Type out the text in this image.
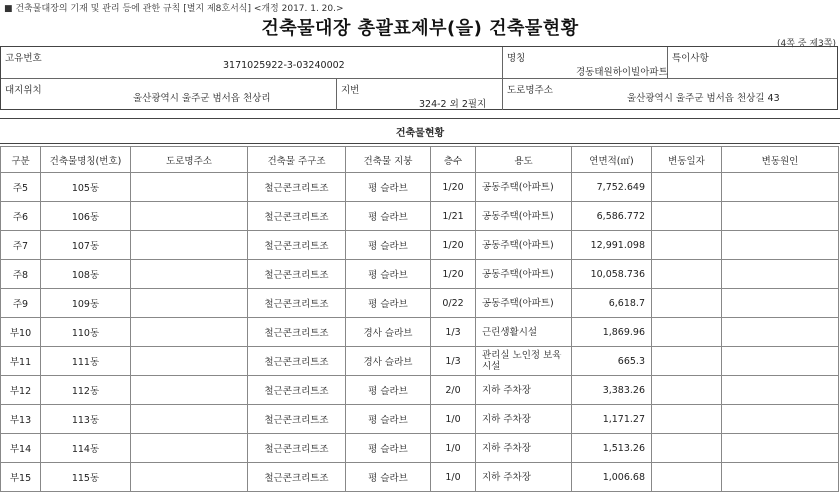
■ 건축물대장의 기재 및 관리 등에 관한 규칙 [별지 제8호서식] <개정 2017. 1. 20.>
건축물대장 총괄표제부(을) 건축물현황
(4쪽 중 제3쪽)
고유번호
3171025922-3-03240002
명칭
경동태원하이빌아파트
특이사항
대지위치
울산광역시 울주군 범서읍 천상리
지번
324-2 외 2필지
도로명주소
울산광역시 울주군 범서읍 천상길 43
건축물현황
구분	건축물명칭(번호)	도로명주소	건축물 주구조	건축물 지붕	층수	용도	연면적(㎡)	변동일자	변동원인
주5	105동		철근콘크리트조	평 슬라브	1/20	공동주택(아파트)	7,752.649		
주6	106동		철근콘크리트조	평 슬라브	1/21	공동주택(아파트)	6,586.772		
주7	107동		철근콘크리트조	평 슬라브	1/20	공동주택(아파트)	12,991.098		
주8	108동		철근콘크리트조	평 슬라브	1/20	공동주택(아파트)	10,058.736		
주9	109동		철근콘크리트조	평 슬라브	0/22	공동주택(아파트)	6,618.7		
부10	110동		철근콘크리트조	경사 슬라브	1/3	근린생활시설	1,869.96		
부11	111동		철근콘크리트조	경사 슬라브	1/3	관리실 노인정 보육시설	665.3		
부12	112동		철근콘크리트조	평 슬라브	2/0	지하 주차장	3,383.26		
부13	113동		철근콘크리트조	평 슬라브	1/0	지하 주차장	1,171.27		
부14	114동		철근콘크리트조	평 슬라브	1/0	지하 주차장	1,513.26		
부15	115동		철근콘크리트조	평 슬라브	1/0	지하 주차장	1,006.68		
